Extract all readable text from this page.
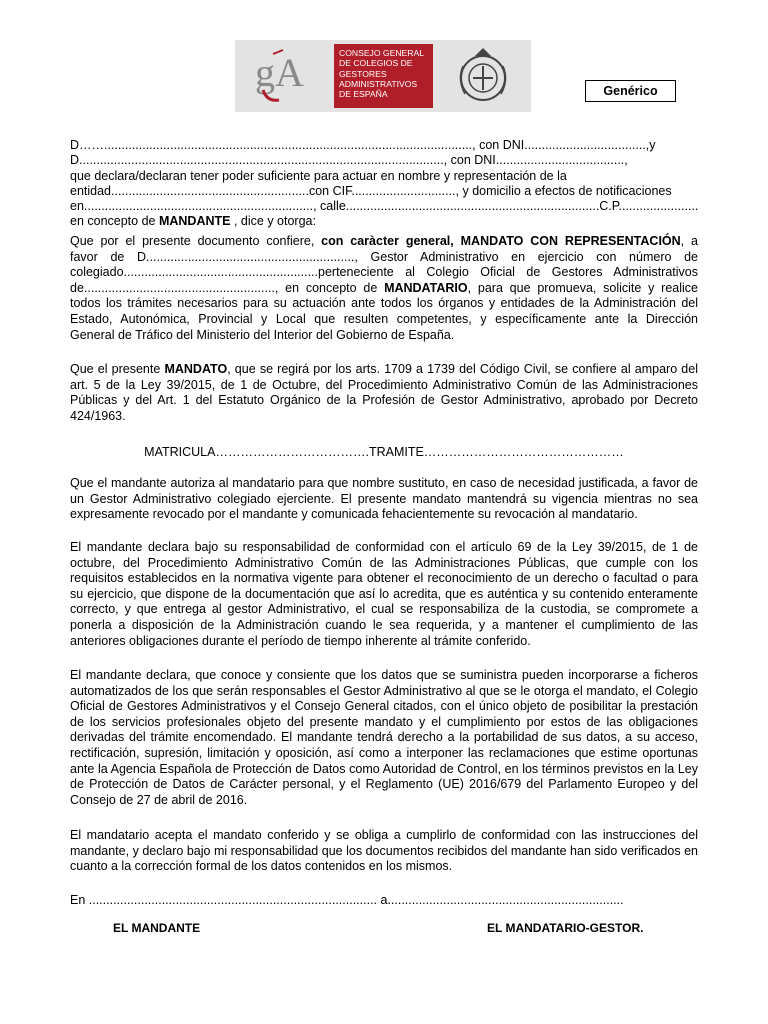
gA	CONSEJO GENERAL
DE COLEGIOS DE
GESTORES
ADMINISTRATIVOS
DE ESPAÑA	Genérico
D…….........................................................................................................., con DNI...................................,y
D........................................................................................................., con DNI.....................................,
que declara/declaran tener poder suficiente para actuar en nombre y representación de la
entidad.........................................................con CIF.............................., y domicilio a efectos de notificaciones
en.................................................................., calle.........................................................................C.P.......................
en concepto de MANDANTE , dice y otorga:

Que por el presente documento confiere, con caràcter general, MANDATO CON REPRESENTACIÓN, a

favor de D............................................................, Gestor Administrativo en ejercicio con número de

colegiado........................................................perteneciente al Colegio Oficial de Gestores Administrativos

de......................................................., en concepto de MANDATARIO, para que promueva, solicite y realice

todos los trámites necesarios para su actuación ante todos los órganos y entidades de la Administración del

Estado, Autonómica, Provincial y Local que resulten competentes, y específicamente ante la Dirección

General de Tráfico del Ministerio del Interior del Gobierno de España.

Que el presente MANDATO, que se regirá por los arts. 1709 a 1739 del Código Civil, se confiere al amparo del art. 5 de la Ley 39/2015, de 1 de Octubre, del Procedimiento Administrativo Común de las Administraciones Públicas y del Art. 1 del Estatuto Orgánico de la Profesión de Gestor Administrativo, aprobado por Decreto 424/1963.

MATRICULA……………………………….TRAMITE…………………………………………

Que el mandante autoriza al mandatario para que nombre sustituto, en caso de necesidad justificada, a favor de un Gestor Administrativo colegiado ejerciente. El presente mandato mantendrá su vigencia mientras no sea expresamente revocado por el mandante y comunicada fehacientemente su revocación al mandatario.

El mandante declara bajo su responsabilidad de conformidad con el artículo 69 de la Ley 39/2015, de 1 de octubre, del Procedimiento Administrativo Común de las Administraciones Públicas, que cumple con los requisitos establecidos en la normativa vigente para obtener el reconocimiento de un derecho o facultad o para su ejercicio, que dispone de la documentación que así lo acredita, que es auténtica y su contenido enteramente correcto, y que entrega al gestor Administrativo, el cual se responsabiliza de la custodia, se compromete a ponerla a disposición de la Administración cuando le sea requerida, y a mantener el cumplimiento de las anteriores obligaciones durante el período de tiempo inherente al trámite conferido.

El mandante declara, que conoce y consiente que los datos que se suministra pueden incorporarse a ficheros automatizados de los que serán responsables el Gestor Administrativo al que se le otorga el mandato, el Colegio Oficial de Gestores Administrativos y el Consejo General citados, con el único objeto de posibilitar la prestación de los servicios profesionales objeto del presente mandato y el cumplimiento por estos de las obligaciones derivadas del trámite encomendado. El mandante tendrá derecho a la portabilidad de sus datos, a su acceso, rectificación, supresión, limitación y oposición, así como a interponer las reclamaciones que estime oportunas ante la Agencia Española de Protección de Datos como Autoridad de Control, en los términos previstos en la Ley de Protección de Datos de Carácter personal, y el Reglamento (UE) 2016/679 del Parlamento Europeo y del Consejo de 27 de abril de 2016.

El mandatario acepta el mandato conferido y se obliga a cumplirlo de conformidad con las instrucciones del mandante, y declaro bajo mi responsabilidad que los documentos recibidos del mandante han sido verificados en cuanto a la corrección formal de los datos contenidos en los mismos.

En ................................................................................... a....................................................................
EL MANDANTE	EL MANDATARIO-GESTOR.
